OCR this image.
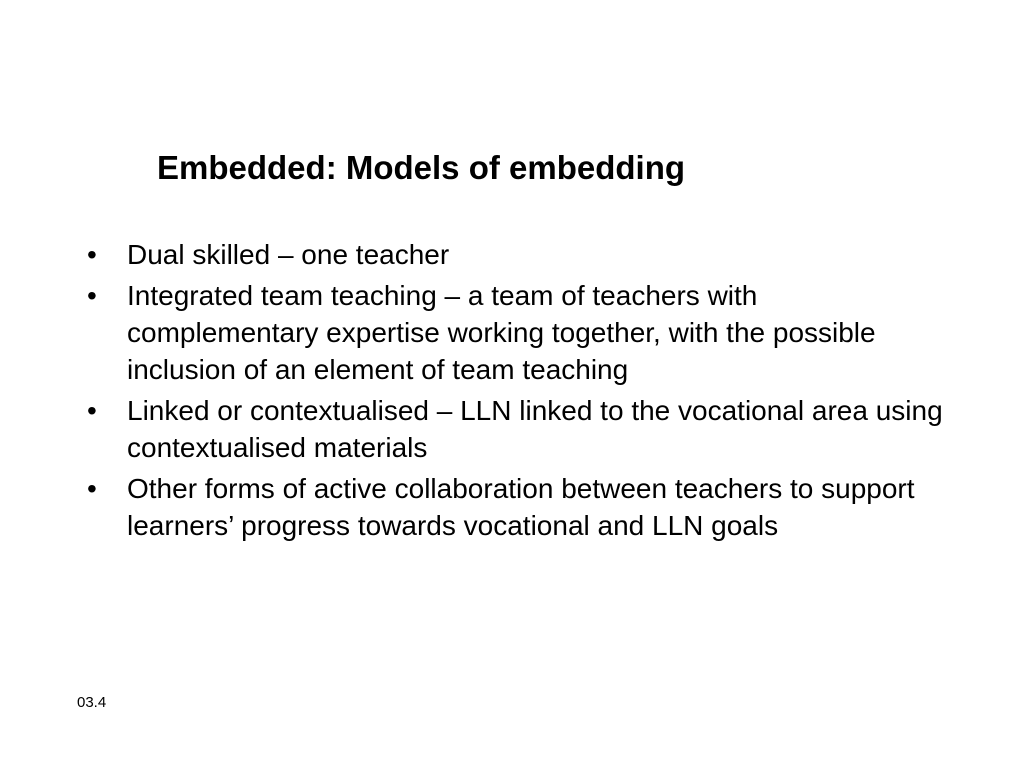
Embedded: Models of embedding
• Dual skilled – one teacher
• Integrated team teaching – a team of teachers with complementary expertise working together, with the possible inclusion of an element of team teaching
• Linked or contextualised – LLN linked to the vocational area using contextualised materials
• Other forms of active collaboration between teachers to support learners’ progress towards vocational and LLN goals
03.4
